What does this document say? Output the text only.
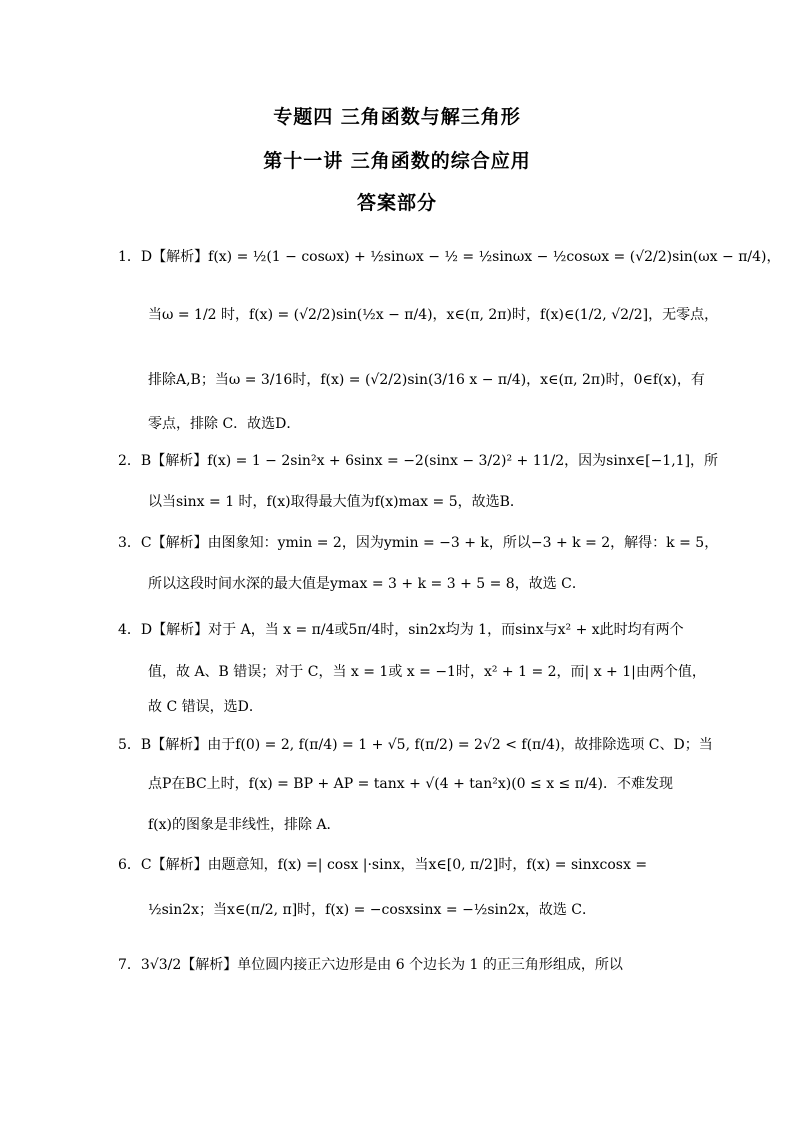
专题四 三角函数与解三角形
第十一讲 三角函数的综合应用
答案部分
1．D【解析】f(x) = ½(1 − cosωx) + ½sinωx − ½ = ½sinωx − ½cosωx = (√2/2)sin(ωx − π/4)，
当ω = 1/2 时，f(x) = (√2/2)sin(½x − π/4)，x∈(π, 2π)时，f(x)∈(1/2, √2/2]，无零点，
排除A,B；当ω = 3/16时，f(x) = (√2/2)sin(3/16 x − π/4)，x∈(π, 2π)时，0∈f(x)，有
零点，排除 C．故选D．
2．B【解析】f(x) = 1 − 2sin²x + 6sinx = −2(sinx − 3/2)² + 11/2，因为sinx∈[−1,1]，所
以当sinx = 1 时，f(x)取得最大值为f(x)max = 5，故选B．
3．C【解析】由图象知：ymin = 2，因为ymin = −3 + k，所以−3 + k = 2，解得：k = 5，
所以这段时间水深的最大值是ymax = 3 + k = 3 + 5 = 8，故选 C．
4．D【解析】对于 A，当 x = π/4或5π/4时，sin2x均为 1，而sinx与x² + x此时均有两个
值，故 A、B 错误；对于 C，当 x = 1或 x = −1时，x² + 1 = 2，而| x + 1|由两个值，
故 C 错误，选D．
5．B【解析】由于f(0) = 2, f(π/4) = 1 + √5, f(π/2) = 2√2 < f(π/4)，故排除选项 C、D；当
点P在BC上时，f(x) = BP + AP = tanx + √(4 + tan²x)(0 ≤ x ≤ π/4)．不难发现
f(x)的图象是非线性，排除 A．
6．C【解析】由题意知，f(x) =| cosx |·sinx，当x∈[0, π/2]时，f(x) = sinxcosx =
½sin2x；当x∈(π/2, π]时，f(x) = −cosxsinx = −½sin2x，故选 C．
7．3√3/2【解析】单位圆内接正六边形是由 6 个边长为 1 的正三角形组成，所以
